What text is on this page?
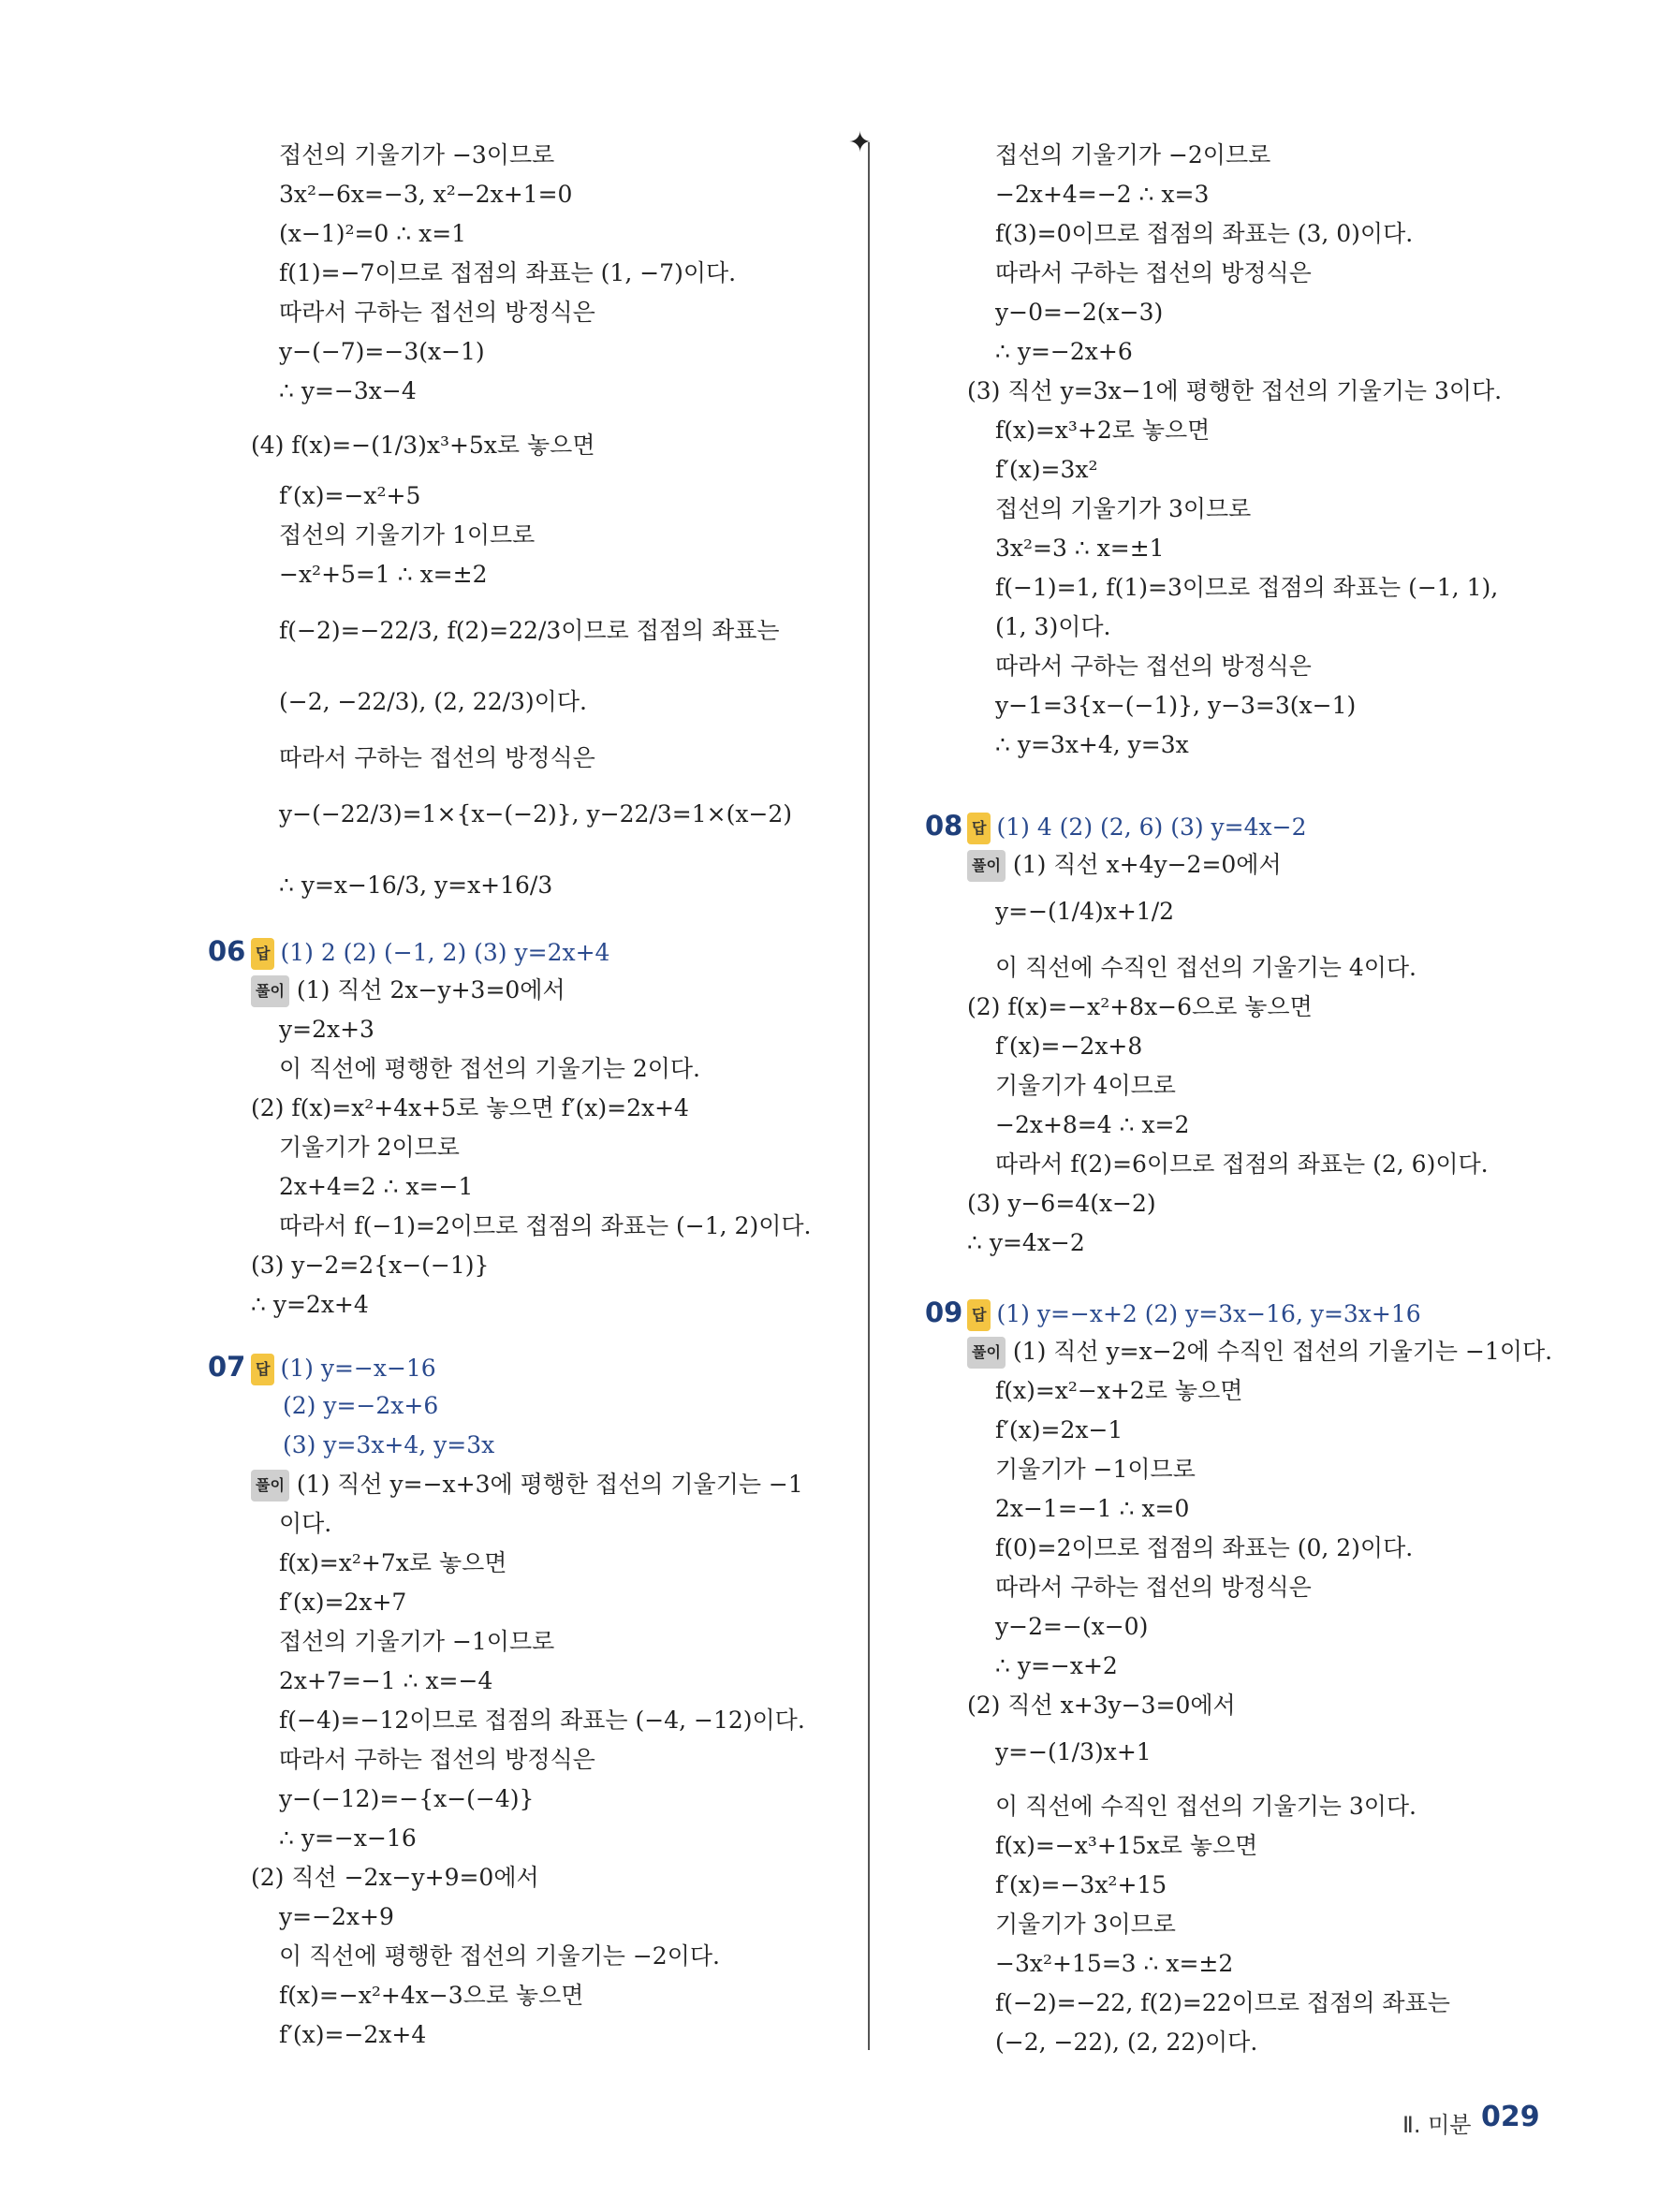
✦
접선의 기울기가 −3이므로
3x²−6x=−3, x²−2x+1=0
(x−1)²=0 ∴ x=1
f(1)=−7이므로 접점의 좌표는 (1, −7)이다.
따라서 구하는 접선의 방정식은
y−(−7)=−3(x−1)
∴ y=−3x−4
(4) f(x)=−(1/3)x³+5x로 놓으면
f′(x)=−x²+5
접선의 기울기가 1이므로
−x²+5=1 ∴ x=±2
f(−2)=−22/3, f(2)=22/3이므로 접점의 좌표는
(−2, −22/3), (2, 22/3)이다.
따라서 구하는 접선의 방정식은
y−(−22/3)=1×{x−(−2)}, y−22/3=1×(x−2)
∴ y=x−16/3, y=x+16/3
06 답 (1) 2 (2) (−1, 2) (3) y=2x+4
풀이 (1) 직선 2x−y+3=0에서
y=2x+3
이 직선에 평행한 접선의 기울기는 2이다.
(2) f(x)=x²+4x+5로 놓으면 f′(x)=2x+4
기울기가 2이므로
2x+4=2 ∴ x=−1
따라서 f(−1)=2이므로 접점의 좌표는 (−1, 2)이다.
(3) y−2=2{x−(−1)}
∴ y=2x+4
07 답 (1) y=−x−16
(2) y=−2x+6
(3) y=3x+4, y=3x
풀이 (1) 직선 y=−x+3에 평행한 접선의 기울기는 −1
이다.
f(x)=x²+7x로 놓으면
f′(x)=2x+7
접선의 기울기가 −1이므로
2x+7=−1 ∴ x=−4
f(−4)=−12이므로 접점의 좌표는 (−4, −12)이다.
따라서 구하는 접선의 방정식은
y−(−12)=−{x−(−4)}
∴ y=−x−16
(2) 직선 −2x−y+9=0에서
y=−2x+9
이 직선에 평행한 접선의 기울기는 −2이다.
f(x)=−x²+4x−3으로 놓으면
f′(x)=−2x+4
접선의 기울기가 −2이므로
−2x+4=−2 ∴ x=3
f(3)=0이므로 접점의 좌표는 (3, 0)이다.
따라서 구하는 접선의 방정식은
y−0=−2(x−3)
∴ y=−2x+6
(3) 직선 y=3x−1에 평행한 접선의 기울기는 3이다.
f(x)=x³+2로 놓으면
f′(x)=3x²
접선의 기울기가 3이므로
3x²=3 ∴ x=±1
f(−1)=1, f(1)=3이므로 접점의 좌표는 (−1, 1),
(1, 3)이다.
따라서 구하는 접선의 방정식은
y−1=3{x−(−1)}, y−3=3(x−1)
∴ y=3x+4, y=3x
08 답 (1) 4 (2) (2, 6) (3) y=4x−2
풀이 (1) 직선 x+4y−2=0에서
y=−(1/4)x+1/2
이 직선에 수직인 접선의 기울기는 4이다.
(2) f(x)=−x²+8x−6으로 놓으면
f′(x)=−2x+8
기울기가 4이므로
−2x+8=4 ∴ x=2
따라서 f(2)=6이므로 접점의 좌표는 (2, 6)이다.
(3) y−6=4(x−2)
∴ y=4x−2
09 답 (1) y=−x+2 (2) y=3x−16, y=3x+16
풀이 (1) 직선 y=x−2에 수직인 접선의 기울기는 −1이다.
f(x)=x²−x+2로 놓으면
f′(x)=2x−1
기울기가 −1이므로
2x−1=−1 ∴ x=0
f(0)=2이므로 접점의 좌표는 (0, 2)이다.
따라서 구하는 접선의 방정식은
y−2=−(x−0)
∴ y=−x+2
(2) 직선 x+3y−3=0에서
y=−(1/3)x+1
이 직선에 수직인 접선의 기울기는 3이다.
f(x)=−x³+15x로 놓으면
f′(x)=−3x²+15
기울기가 3이므로
−3x²+15=3 ∴ x=±2
f(−2)=−22, f(2)=22이므로 접점의 좌표는
(−2, −22), (2, 22)이다.
Ⅱ. 미분 029
